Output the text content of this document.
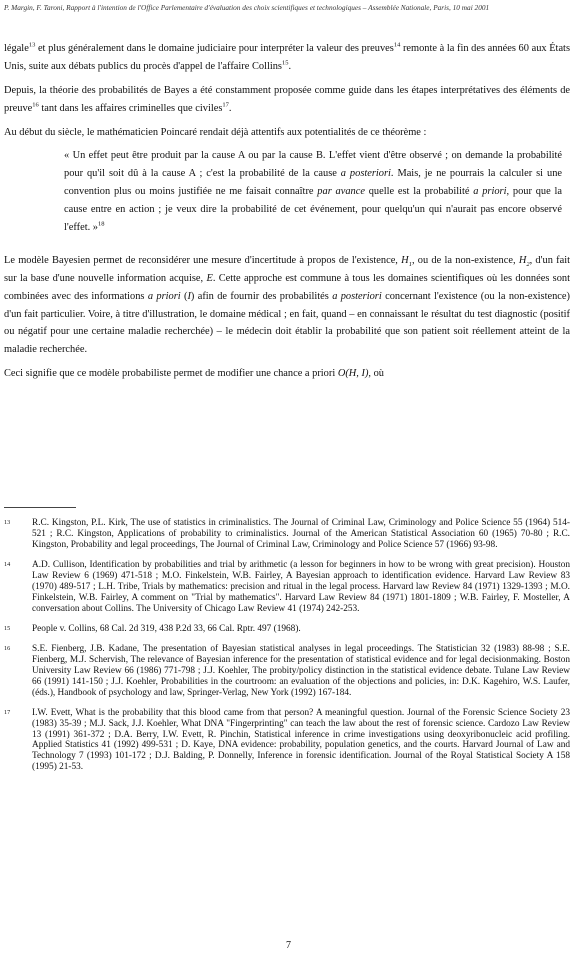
P. Margin, F. Taroni, Rapport à l'intention de l'Office Parlementaire d'évaluation des choix scientifiques et technologiques – Assemblée Nationale, Paris, 10 mai 2001

légale$^{13}$ et plus généralement dans le domaine judiciaire pour interpréter la valeur des preuves$^{14}$ remonte à la fin des années 60 aux États Unis, suite aux débats publics du procès d'appel de l'affaire Collins$^{15}$.

Depuis, la théorie des probabilités de Bayes a été constamment proposée comme guide dans les étapes interprétatives des éléments de preuve$^{16}$ tant dans les affaires criminelles que civiles$^{17}$.

Au début du siècle, le mathématicien Poincaré rendait déjà attentifs aux potentialités de ce théorème :

« Un effet peut être produit par la cause A ou par la cause B. L'effet vient d'être observé ; on demande la probabilité pour qu'il soit dû à la cause A ; c'est la probabilité de la cause a posteriori. Mais, je ne pourrais la calculer si une convention plus ou moins justifiée ne me faisait connaître par avance quelle est la probabilité a priori, pour que la cause entre en action ; je veux dire la probabilité de cet événement, pour quelqu'un qui n'aurait pas encore observé l'effet. »$^{18}$

Le modèle Bayesien permet de reconsidérer une mesure d'incertitude à propos de l'existence, $H_1$, ou de la non-existence, $H_2$, d'un fait sur la base d'une nouvelle information acquise, E. Cette approche est commune à tous les domaines scientifiques où les données sont combinées avec des informations a priori (I) afin de fournir des probabilités a posteriori concernant l'existence (ou la non-existence) d'un fait particulier. Voire, à titre d'illustration, le domaine médical ; en fait, quand – en connaissant le résultat du test diagnostic (positif ou négatif pour une certaine maladie recherchée) – le médecin doit établir la probabilité que son patient soit réellement atteint de la maladie recherchée.

Ceci signifie que ce modèle probabiliste permet de modifier une chance a priori O(H, I), où

13	R.C. Kingston, P.L. Kirk, The use of statistics in criminalistics. The Journal of Criminal Law, Criminology and Police Science 55 (1964) 514-521 ; R.C. Kingston, Applications of probability to criminalistics. Journal of the American Statistical Association 60 (1965) 70-80 ; R.C. Kingston, Probability and legal proceedings, The Journal of Criminal Law, Criminology and Police Science 57 (1966) 93-98.
14	A.D. Cullison, Identification by probabilities and trial by arithmetic (a lesson for beginners in how to be wrong with great precision). Houston Law Review 6 (1969) 471-518 ; M.O. Finkelstein, W.B. Fairley, A Bayesian approach to identification evidence. Harvard Law Review 83 (1970) 489-517 ; L.H. Tribe, Trials by mathematics: precision and ritual in the legal process. Harvard law Review 84 (1971) 1329-1393 ; M.O. Finkelstein, W.B. Fairley, A comment on "Trial by mathematics". Harvard Law Review 84 (1971) 1801-1809 ; W.B. Fairley, F. Mosteller, A conversation about Collins. The University of Chicago Law Review 41 (1974) 242-253.
15	People v. Collins, 68 Cal. 2d 319, 438 P.2d 33, 66 Cal. Rptr. 497 (1968).
16	S.E. Fienberg, J.B. Kadane, The presentation of Bayesian statistical analyses in legal proceedings. The Statistician 32 (1983) 88-98 ; S.E. Fienberg, M.J. Schervish, The relevance of Bayesian inference for the presentation of statistical evidence and for legal decisionmaking. Boston University Law Review 66 (1986) 771-798 ; J.J. Koehler, The probity/policy distinction in the statistical evidence debate. Tulane Law Review 66 (1991) 141-150 ; J.J. Koehler, Probabilities in the courtroom: an evaluation of the objections and policies, in: D.K. Kagehiro, W.S. Laufer, (éds.), Handbook of psychology and law, Springer-Verlag, New York (1992) 167-184.
17	I.W. Evett, What is the probability that this blood came from that person? A meaningful question. Journal of the Forensic Science Society 23 (1983) 35-39 ; M.J. Sack, J.J. Koehler, What DNA "Fingerprinting" can teach the law about the rest of forensic science. Cardozo Law Review 13 (1991) 361-372 ; D.A. Berry, I.W. Evett, R. Pinchin, Statistical inference in crime investigations using deoxyribonucleic acid profiling. Applied Statistics 41 (1992) 499-531 ; D. Kaye, DNA evidence: probability, population genetics, and the courts. Harvard Journal of Law and Technology 7 (1993) 101-172 ; D.J. Balding, P. Donnelly, Inference in forensic identification. Journal of the Royal Statistical Society A 158 (1995) 21-53.
7
